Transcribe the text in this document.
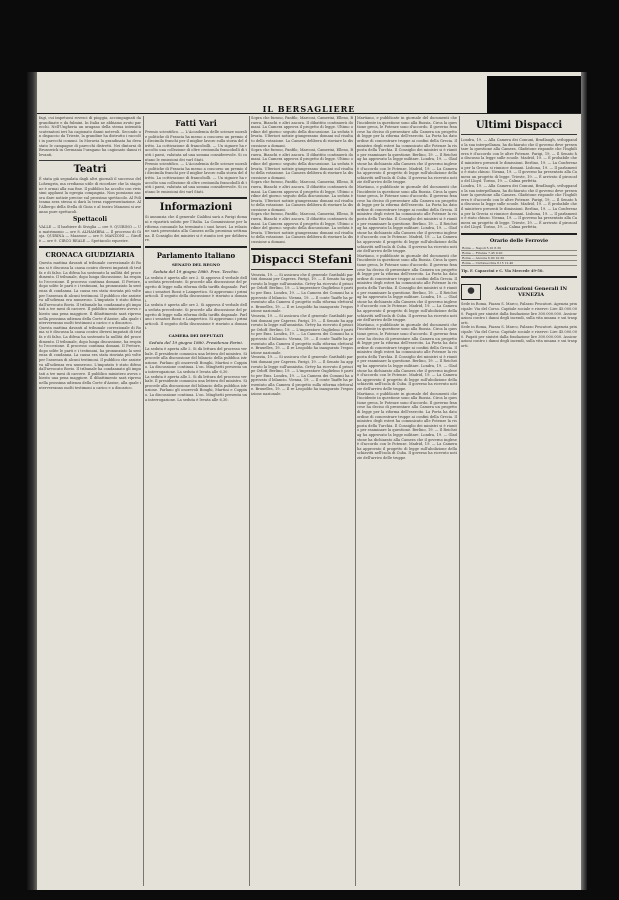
IL BERSAGLIERE

fagi, cui impetuosi rovesci di pioggia, accompagnati da grandinate e da fulmini. In Italia ne abbiamo avuto parecchi. Nell'Ungheria un uragano della stessa intensità scatenatosi ieri ha cagionato danni notevoli. Secondo un dispaccio da Trieste, la grandine ha distrutto i raccolti in parecchi comuni. In Moravia la grandinata ha devastato le campagne di parecchi distretti. Nei dintorni di Brunswick in Germania l'uragano ha cagionato danni rilevanti.

Teatri

È stata già segnalata dagli altri giornali il successo del Lohengrin, ma crediamo utile di ricordare che la stagione è ormai alla sua fine. Il pubblico ha accolto con vivissimi applausi la egregia compagnia. Non possiamo ancora dare notizie precise sul prossimo spettacolo. Al Politeama sera stessa si darà la terza rappresentazione. All'Albergo della Stella di Gioia e al teatro Manzoni si avranno pure spettacoli.

Spettacoli

VALLE — Il barbiere di Siviglia — ore 9. QUIRINO — Un matrimonio — ore 8. ALHAMBRA — Il processo di Gioja. QUIRINA — Mazzone — ore 9. MANZONI — Giroflè — ore 9. CIRCO REALE — Spettacolo equestre.

CRONACA GIUDIZIARIA

Questa mattina davanti al tribunale correzionale di Roma si è discussa la causa contro diversi imputati di truffa e di falso. La difesa ha sostenuto la nullità del procedimento. Il tribunale, dopo lunga discussione, ha respinto l'eccezione. Il processo continua domani. Il Pretore, dopo udite le parti e i testimoni, ha pronunziato la sentenza di condanna. La causa era stata rinviata più volte per l'assenza di alcuni testimoni. Il pubblico che assisteva all'udienza era numeroso. L'imputato è stato difeso dall'avvocato Bovio. Il tribunale ha condannato gli imputati a tre mesi di carcere. Il pubblico ministero aveva chiesto una pena maggiore. Il dibattimento sarà ripreso nella prossima udienza della Corte d'Assise, alla quale interverranno molti testimoni a carico e a discarico.

Questa mattina davanti al tribunale correzionale di Roma si è discussa la causa contro diversi imputati di truffa e di falso. La difesa ha sostenuto la nullità del procedimento. Il tribunale, dopo lunga discussione, ha respinto l'eccezione. Il processo continua domani. Il Pretore, dopo udite le parti e i testimoni, ha pronunziato la sentenza di condanna. La causa era stata rinviata più volte per l'assenza di alcuni testimoni. Il pubblico che assisteva all'udienza era numeroso. L'imputato è stato difeso dall'avvocato Bovio. Il tribunale ha condannato gli imputati a tre mesi di carcere. Il pubblico ministero aveva chiesto una pena maggiore. Il dibattimento sarà ripreso nella prossima udienza della Corte d'Assise, alla quale interverranno molti testimoni a carico e a discarico.

Fatti Vari

Premio scientifico. — L'Accademia delle scienze morali e politiche di Francia ha messo a concorso un premio di diecimila franchi per il miglior lavoro sulla storia del diritto. La cottivazione di francobolli. — Un signore ha raccolto una collezione di oltre centomila francobolli di tutti i paesi, valutata ad una somma considerevole. Si contano le emissioni dei varî Stati.

Premio scientifico. — L'Accademia delle scienze morali e politiche di Francia ha messo a concorso un premio di diecimila franchi per il miglior lavoro sulla storia del diritto. La cottivazione di francobolli. — Un signore ha raccolto una collezione di oltre centomila francobolli di tutti i paesi, valutata ad una somma considerevole. Si contano le emissioni dei varî Stati.

Informazioni

Si annunzia che il generale Cialdini sarà a Parigi domani e ripartirà subito per l'Italia. La Commissione per la riforma comunale ha terminato i suoi lavori. La relazione sarà presentata alla Camera nella prossima settimana. Il Consiglio dei ministri si è riunito ieri per deliberare.

Parlamento Italiano
SENATO DEL REGNO
Seduta del 19 giugno 1880. Pres. Tecchio.

La seduta è aperta alle ore 2. Si approva il verbale della seduta precedente. Si procede alla discussione del progetto di legge sulla riforma della tariffa doganale. Parlano i senatori Rossi e Lampertico. Si approvano i primi articoli. Il seguito della discussione è rinviato a domani.

La seduta è aperta alle ore 2. Si approva il verbale della seduta precedente. Si procede alla discussione del progetto di legge sulla riforma della tariffa doganale. Parlano i senatori Rossi e Lampertico. Si approvano i primi articoli. Il seguito della discussione è rinviato a domani.

CAMERA DEI DEPUTATI
Seduta del 19 giugno 1880. Presidenza Farini.

La seduta è aperta alle 2. Si dà lettura del processo verbale. Il presidente comunica una lettera del ministro. Si procede alla discussione del bilancio della pubblica istruzione. Parlano gli onorevoli Bonghi, Martini e Coppino. La discussione continua. L'on. Minghetti presenta una interrogazione. La seduta è levata alle 6,30.

La seduta è aperta alle 2. Si dà lettura del processo verbale. Il presidente comunica una lettera del ministro. Si procede alla discussione del bilancio della pubblica istruzione. Parlano gli onorevoli Bonghi, Martini e Coppino. La discussione continua. L'on. Minghetti presenta una interrogazione. La seduta è levata alle 6,30.

Sopra che furono, Panfilo, Marconi, Camerini, Elleno, Bruera, Bianchi e altri ancora. Il dibattito continuerà domani. La Camera approva il progetto di legge. Ultimo ordine del giorno: seguito della discussione. La seduta è levata. Ulteriori notizie giungeranno domani sul risultato della votazione. La Camera delibera di rinviare la discussione a domani.

Sopra che furono, Panfilo, Marconi, Camerini, Elleno, Bruera, Bianchi e altri ancora. Il dibattito continuerà domani. La Camera approva il progetto di legge. Ultimo ordine del giorno: seguito della discussione. La seduta è levata. Ulteriori notizie giungeranno domani sul risultato della votazione. La Camera delibera di rinviare la discussione a domani.

Sopra che furono, Panfilo, Marconi, Camerini, Elleno, Bruera, Bianchi e altri ancora. Il dibattito continuerà domani. La Camera approva il progetto di legge. Ultimo ordine del giorno: seguito della discussione. La seduta è levata. Ulteriori notizie giungeranno domani sul risultato della votazione. La Camera delibera di rinviare la discussione a domani.

Sopra che furono, Panfilo, Marconi, Camerini, Elleno, Bruera, Bianchi e altri ancora. Il dibattito continuerà domani. La Camera approva il progetto di legge. Ultimo ordine del giorno: seguito della discussione. La seduta è levata. Ulteriori notizie giungeranno domani sul risultato della votazione. La Camera delibera di rinviare la discussione a domani.

Dispacci Stefani

Venezia, 19. — Si assicura che il generale Garibaldi partirà domani per Caprera. Parigi, 19. — Il Senato ha approvato la legge sull'amnistia. Grévy ha ricevuto il principe Orloff. Berlino, 19. — L'imperatore Guglielmo è partito per Ems. Londra, 19. — La Camera dei Comuni ha approvato il bilancio. Vienna, 19. — Il conte Taaffe ha presentato alla Camera il progetto sulla riforma elettorale. Bruxelles, 19. — Il re Leopoldo ha inaugurato l'esposizione nazionale.

Venezia, 19. — Si assicura che il generale Garibaldi partirà domani per Caprera. Parigi, 19. — Il Senato ha approvato la legge sull'amnistia. Grévy ha ricevuto il principe Orloff. Berlino, 19. — L'imperatore Guglielmo è partito per Ems. Londra, 19. — La Camera dei Comuni ha approvato il bilancio. Vienna, 19. — Il conte Taaffe ha presentato alla Camera il progetto sulla riforma elettorale. Bruxelles, 19. — Il re Leopoldo ha inaugurato l'esposizione nazionale.

Venezia, 19. — Si assicura che il generale Garibaldi partirà domani per Caprera. Parigi, 19. — Il Senato ha approvato la legge sull'amnistia. Grévy ha ricevuto il principe Orloff. Berlino, 19. — L'imperatore Guglielmo è partito per Ems. Londra, 19. — La Camera dei Comuni ha approvato il bilancio. Vienna, 19. — Il conte Taaffe ha presentato alla Camera il progetto sulla riforma elettorale. Bruxelles, 19. — Il re Leopoldo ha inaugurato l'esposizione nazionale.

Martiano, e pubblicate in giornale del documenti che l'incidente in questione sono alla Russia. Circa la questione greca, le Potenze sono d'accordo. Il governo francese ha deciso di presentare alla Camera un progetto di legge per la riforma dell'esercito. La Porta ha dato ordine di concentrare truppe ai confini della Grecia. Il ministro degli esteri ha comunicato alle Potenze la risposta della Turchia. Il Consiglio dei ministri si è riunito per esaminare la questione. Berlino, 19. — Il Reichstag ha approvato la legge militare. Londra, 19. — Gladstone ha dichiarato alla Camera che il governo inglese è d'accordo con le Potenze. Madrid, 19. — La Camera ha approvato il progetto di legge sull'abolizione della schiavitù nell'isola di Cuba. Il governo ha ricevuto notizie dell'arrivo delle truppe.

Martiano, e pubblicate in giornale del documenti che l'incidente in questione sono alla Russia. Circa la questione greca, le Potenze sono d'accordo. Il governo francese ha deciso di presentare alla Camera un progetto di legge per la riforma dell'esercito. La Porta ha dato ordine di concentrare truppe ai confini della Grecia. Il ministro degli esteri ha comunicato alle Potenze la risposta della Turchia. Il Consiglio dei ministri si è riunito per esaminare la questione. Berlino, 19. — Il Reichstag ha approvato la legge militare. Londra, 19. — Gladstone ha dichiarato alla Camera che il governo inglese è d'accordo con le Potenze. Madrid, 19. — La Camera ha approvato il progetto di legge sull'abolizione della schiavitù nell'isola di Cuba. Il governo ha ricevuto notizie dell'arrivo delle truppe.

Martiano, e pubblicate in giornale del documenti che l'incidente in questione sono alla Russia. Circa la questione greca, le Potenze sono d'accordo. Il governo francese ha deciso di presentare alla Camera un progetto di legge per la riforma dell'esercito. La Porta ha dato ordine di concentrare truppe ai confini della Grecia. Il ministro degli esteri ha comunicato alle Potenze la risposta della Turchia. Il Consiglio dei ministri si è riunito per esaminare la questione. Berlino, 19. — Il Reichstag ha approvato la legge militare. Londra, 19. — Gladstone ha dichiarato alla Camera che il governo inglese è d'accordo con le Potenze. Madrid, 19. — La Camera ha approvato il progetto di legge sull'abolizione della schiavitù nell'isola di Cuba. Il governo ha ricevuto notizie dell'arrivo delle truppe.

Martiano, e pubblicate in giornale del documenti che l'incidente in questione sono alla Russia. Circa la questione greca, le Potenze sono d'accordo. Il governo francese ha deciso di presentare alla Camera un progetto di legge per la riforma dell'esercito. La Porta ha dato ordine di concentrare truppe ai confini della Grecia. Il ministro degli esteri ha comunicato alle Potenze la risposta della Turchia. Il Consiglio dei ministri si è riunito per esaminare la questione. Berlino, 19. — Il Reichstag ha approvato la legge militare. Londra, 19. — Gladstone ha dichiarato alla Camera che il governo inglese è d'accordo con le Potenze. Madrid, 19. — La Camera ha approvato il progetto di legge sull'abolizione della schiavitù nell'isola di Cuba. Il governo ha ricevuto notizie dell'arrivo delle truppe.

Martiano, e pubblicate in giornale del documenti che l'incidente in questione sono alla Russia. Circa la questione greca, le Potenze sono d'accordo. Il governo francese ha deciso di presentare alla Camera un progetto di legge per la riforma dell'esercito. La Porta ha dato ordine di concentrare truppe ai confini della Grecia. Il ministro degli esteri ha comunicato alle Potenze la risposta della Turchia. Il Consiglio dei ministri si è riunito per esaminare la questione. Berlino, 19. — Il Reichstag ha approvato la legge militare. Londra, 19. — Gladstone ha dichiarato alla Camera che il governo inglese è d'accordo con le Potenze. Madrid, 19. — La Camera ha approvato il progetto di legge sull'abolizione della schiavitù nell'isola di Cuba. Il governo ha ricevuto notizie dell'arrivo delle truppe.

Ultimi Dispacci

Londra, 19. — Alla Camera dei Comuni, Bradlaugh, sviluppando la sua interpellanza, ha dichiarato che il governo deve presentare la questione alla Camera. Gladstone risponde che l'Inghilterra è d'accordo con le altre Potenze. Parigi, 19. — Il Senato ha discusso la legge sulle scuole. Madrid, 19. — È probabile che il ministero presenti le dimissioni. Berlino, 19. — La Conferenza per la Grecia si riunisce domani. Lisbona, 19. — Il parlamento è stato chiuso. Vienna, 19. — Il governo ha presentato alla Camera un progetto di legge. Trieste, 19. — È arrivato il piroscafo del Lloyd. Torino, 19. — Calma perfetta.

Londra, 19. — Alla Camera dei Comuni, Bradlaugh, sviluppando la sua interpellanza, ha dichiarato che il governo deve presentare la questione alla Camera. Gladstone risponde che l'Inghilterra è d'accordo con le altre Potenze. Parigi, 19. — Il Senato ha discusso la legge sulle scuole. Madrid, 19. — È probabile che il ministero presenti le dimissioni. Berlino, 19. — La Conferenza per la Grecia si riunisce domani. Lisbona, 19. — Il parlamento è stato chiuso. Vienna, 19. — Il governo ha presentato alla Camera un progetto di legge. Trieste, 19. — È arrivato il piroscafo del Lloyd. Torino, 19. — Calma perfetta.

Orario delle Ferrovie
Roma — Napoli 5.10 8.30
Roma — Firenze 7.45 9.20
Roma — Ancona 6.00 10.30
Roma — Civitavecchia 8.15 12.40

Tip. F. Capaccini e C. Via Mercede 49-50.

Assicurazioni Generali IN VENEZIA

Sede in Roma, Piazza S. Marco, Palazzo Pescatori. Agenzia principale: Via del Corso. Capitale sociale e riserve: Lire 45.000.000. Pagati per sinistri dalla fondazione lire 300.000.000. Assicurazioni contro i danni degli incendi, sulla vita umana e sui trasporti.

Sede in Roma, Piazza S. Marco, Palazzo Pescatori. Agenzia principale: Via del Corso. Capitale sociale e riserve: Lire 45.000.000. Pagati per sinistri dalla fondazione lire 300.000.000. Assicurazioni contro i danni degli incendi, sulla vita umana e sui trasporti.
